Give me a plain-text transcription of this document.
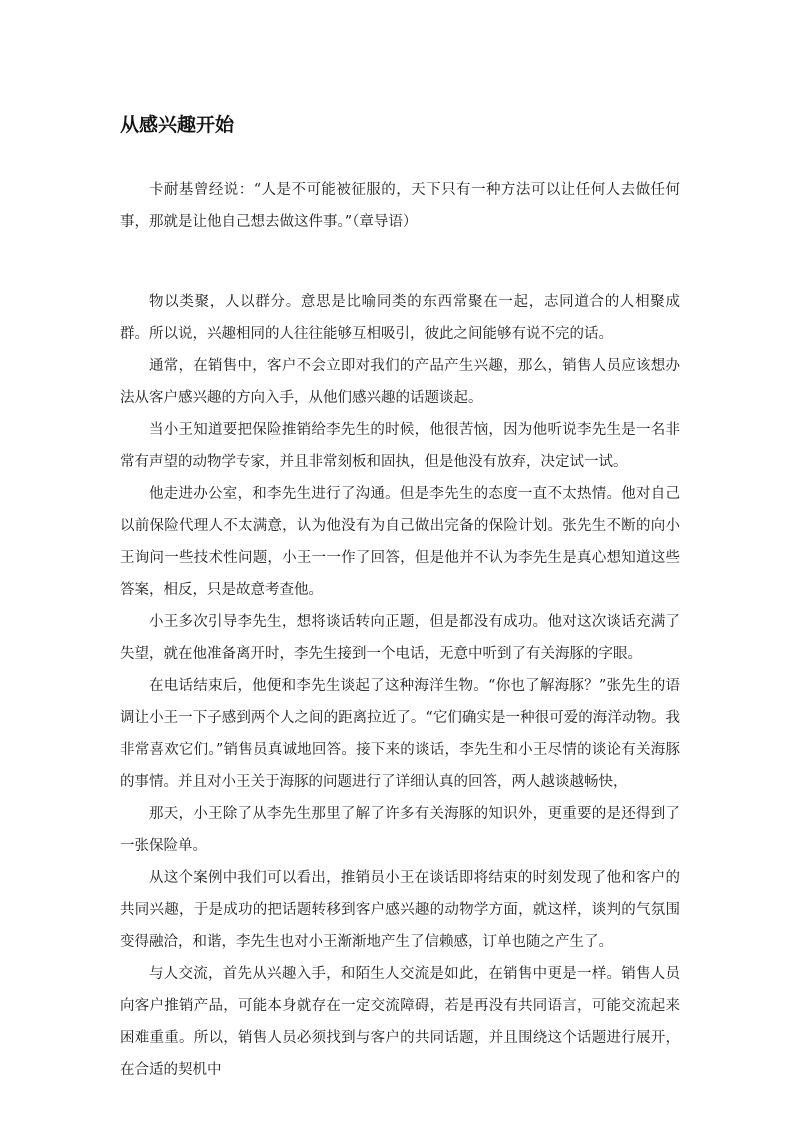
从感兴趣开始

卡耐基曾经说：“人是不可能被征服的，天下只有一种方法可以让任何人去做任何事，那就是让他自己想去做这件事。”（章导语）

物以类聚，人以群分。意思是比喻同类的东西常聚在一起，志同道合的人相聚成群。所以说，兴趣相同的人往往能够互相吸引，彼此之间能够有说不完的话。

通常，在销售中，客户不会立即对我们的产品产生兴趣，那么，销售人员应该想办法从客户感兴趣的方向入手，从他们感兴趣的话题谈起。

当小王知道要把保险推销给李先生的时候，他很苦恼，因为他听说李先生是一名非常有声望的动物学专家，并且非常刻板和固执，但是他没有放弃，决定试一试。

他走进办公室，和李先生进行了沟通。但是李先生的态度一直不太热情。他对自己以前保险代理人不太满意，认为他没有为自己做出完备的保险计划。张先生不断的向小王询问一些技术性问题，小王一一作了回答，但是他并不认为李先生是真心想知道这些答案，相反，只是故意考查他。

小王多次引导李先生，想将谈话转向正题，但是都没有成功。他对这次谈话充满了失望，就在他准备离开时，李先生接到一个电话，无意中听到了有关海豚的字眼。

在电话结束后，他便和李先生谈起了这种海洋生物。“你也了解海豚？”张先生的语调让小王一下子感到两个人之间的距离拉近了。“它们确实是一种很可爱的海洋动物。我非常喜欢它们。”销售员真诚地回答。接下来的谈话，李先生和小王尽情的谈论有关海豚的事情。并且对小王关于海豚的问题进行了详细认真的回答，两人越谈越畅快，

那天，小王除了从李先生那里了解了许多有关海豚的知识外，更重要的是还得到了一张保险单。

从这个案例中我们可以看出，推销员小王在谈话即将结束的时刻发现了他和客户的共同兴趣，于是成功的把话题转移到客户感兴趣的动物学方面，就这样，谈判的气氛围变得融洽，和谐，李先生也对小王渐渐地产生了信赖感，订单也随之产生了。

与人交流，首先从兴趣入手，和陌生人交流是如此，在销售中更是一样。销售人员向客户推销产品，可能本身就存在一定交流障碍，若是再没有共同语言，可能交流起来困难重重。所以，销售人员必须找到与客户的共同话题，并且围绕这个话题进行展开，在合适的契机中
